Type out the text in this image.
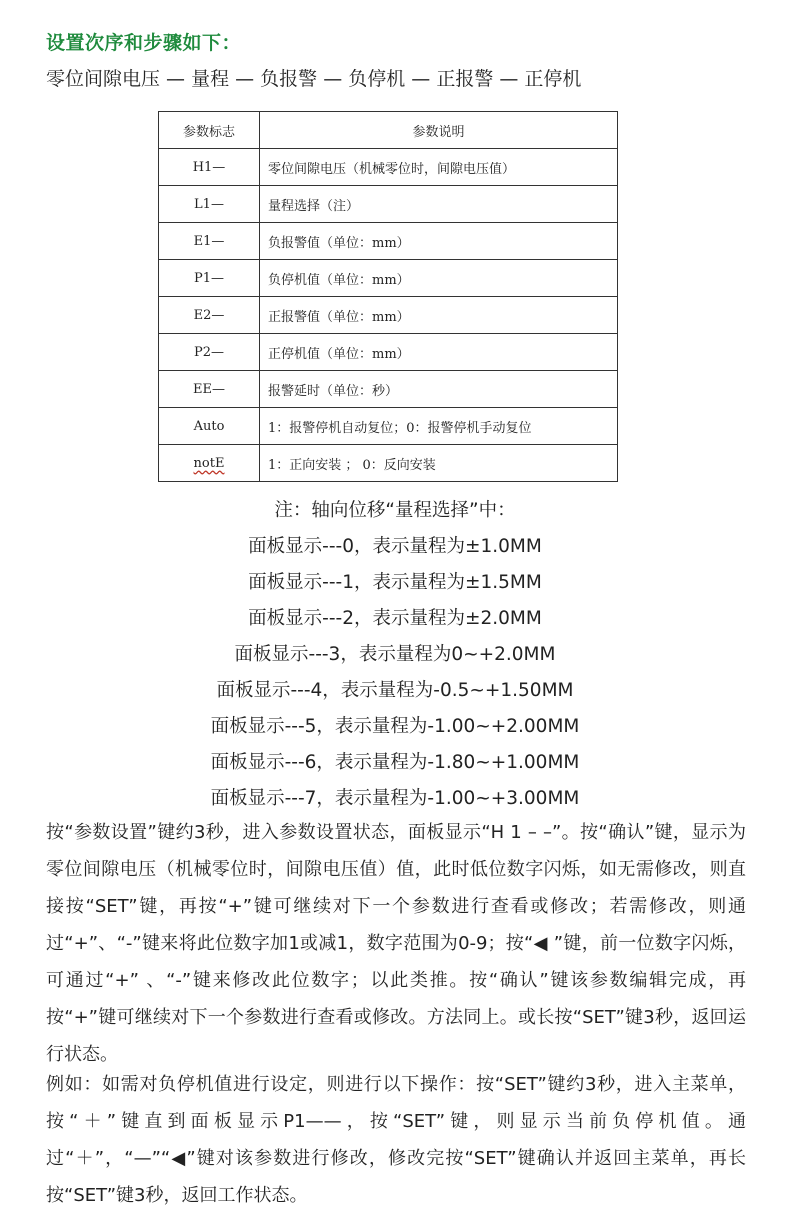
设置次序和步骤如下：
零位间隙电压 — 量程 — 负报警 — 负停机 — 正报警 — 正停机
参数标志	参数说明
H1—	零位间隙电压（机械零位时，间隙电压值）
L1—	量程选择（注）
E1—	负报警值（单位：mm）
P1—	负停机值（单位：mm）
E2—	正报警值（单位：mm）
P2—	正停机值（单位：mm）
EE—	报警延时（单位：秒）
Auto	1：报警停机自动复位；0：报警停机手动复位
notE	1：正向安装 ； 0：反向安装

注：轴向位移“量程选择”中：

面板显示---0，表示量程为±1.0MM

面板显示---1，表示量程为±1.5MM

面板显示---2，表示量程为±2.0MM

面板显示---3，表示量程为0~+2.0MM

面板显示---4，表示量程为-0.5~+1.50MM

面板显示---5，表示量程为-1.00~+2.00MM

面板显示---6，表示量程为-1.80~+1.00MM

面板显示---7，表示量程为-1.00~+3.00MM

按“参数设置”键约3秒，进入参数设置状态，面板显示“H 1 – –”。按“确认”键，显示为零位间隙电压（机械零位时，间隙电压值）值，此时低位数字闪烁，如无需修改，则直接按“SET”键，再按“+”键可继续对下一个参数进行查看或修改；若需修改，则通过“+”、“-”键来将此位数字加1或减1，数字范围为0-9；按“◀ ”键，前一位数字闪烁，可通过“+” 、“-”键来修改此位数字；以此类推。按“确认”键该参数编辑完成，再按“+”键可继续对下一个参数进行查看或修改。方法同上。或长按“SET”键3秒，返回运行状态。

例如：如需对负停机值进行设定，则进行以下操作：按“SET”键约3秒，进入主菜单，按“＋”键直到面板显示P1——，按“SET”键，则显示当前负停机值。通过“＋”，“—”“◀”键对该参数进行修改，修改完按“SET”键确认并返回主菜单，再长按“SET”键3秒，返回工作状态。
